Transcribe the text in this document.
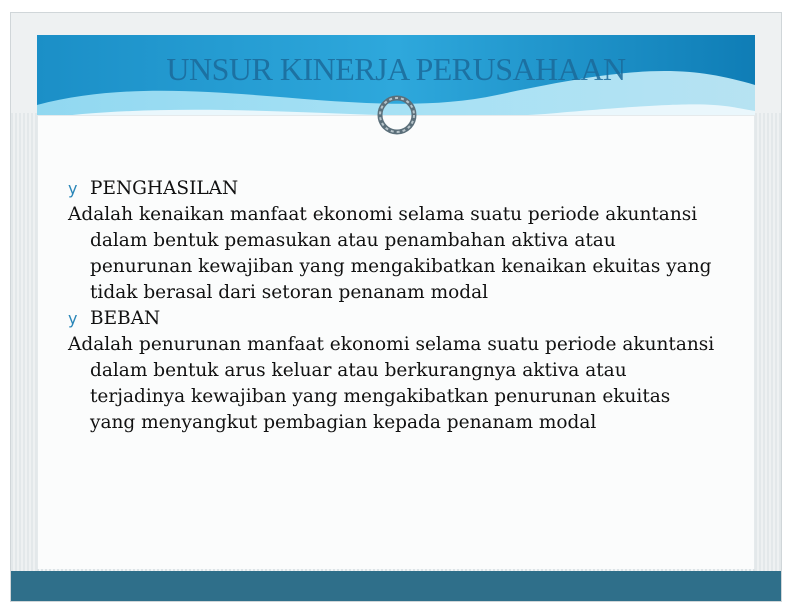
UNSUR KINERJA PERUSAHAAN
y PENGHASILAN

Adalah kenaikan manfaat ekonomi selama suatu periode akuntansi dalam bentuk pemasukan atau penambahan aktiva atau penurunan kewajiban yang mengakibatkan kenaikan ekuitas yang tidak berasal dari setoran penanam modal

y BEBAN

Adalah penurunan manfaat ekonomi selama suatu periode akuntansi dalam bentuk arus keluar atau berkurangnya aktiva atau terjadinya kewajiban yang mengakibatkan penurunan ekuitas yang menyangkut pembagian kepada penanam modal
